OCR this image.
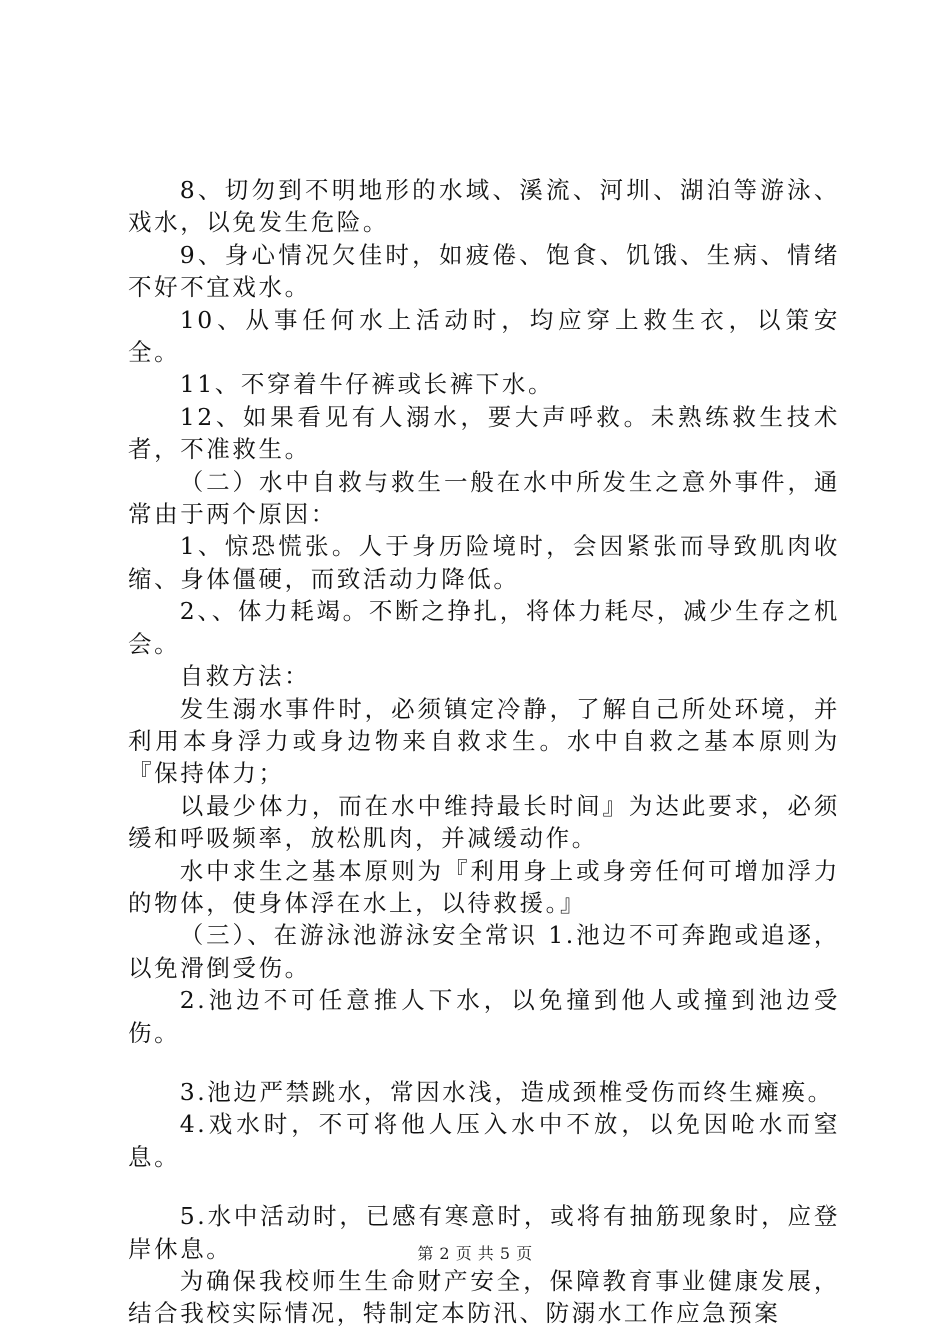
8、切勿到不明地形的水域、溪流、河圳、湖泊等游泳、戏水，以免发生危险。

9、身心情况欠佳时，如疲倦、饱食、饥饿、生病、情绪不好不宜戏水。

10、从事任何水上活动时，均应穿上救生衣，以策安全。

11、不穿着牛仔裤或长裤下水。

12、如果看见有人溺水，要大声呼救。未熟练救生技术者，不准救生。

（二）水中自救与救生一般在水中所发生之意外事件，通常由于两个原因：

1、惊恐慌张。人于身历险境时，会因紧张而导致肌肉收缩、身体僵硬，而致活动力降低。

2、、体力耗竭。不断之挣扎，将体力耗尽，减少生存之机会。

自救方法：

发生溺水事件时，必须镇定冷静，了解自己所处环境，并利用本身浮力或身边物来自救求生。水中自救之基本原则为『保持体力；

以最少体力，而在水中维持最长时间』为达此要求，必须缓和呼吸频率，放松肌肉，并减缓动作。

水中求生之基本原则为『利用身上或身旁任何可增加浮力的物体，使身体浮在水上，以待救援。』

（三）、在游泳池游泳安全常识 1.池边不可奔跑或追逐，以免滑倒受伤。

2.池边不可任意推人下水，以免撞到他人或撞到池边受伤。

3.池边严禁跳水，常因水浅，造成颈椎受伤而终生瘫痪。

4.戏水时，不可将他人压入水中不放，以免因呛水而窒息。

5.水中活动时，已感有寒意时，或将有抽筋现象时，应登岸休息。

为确保我校师生生命财产安全，保障教育事业健康发展，结合我校实际情况，特制定本防汛、防溺水工作应急预案

第 2 页 共 5 页
